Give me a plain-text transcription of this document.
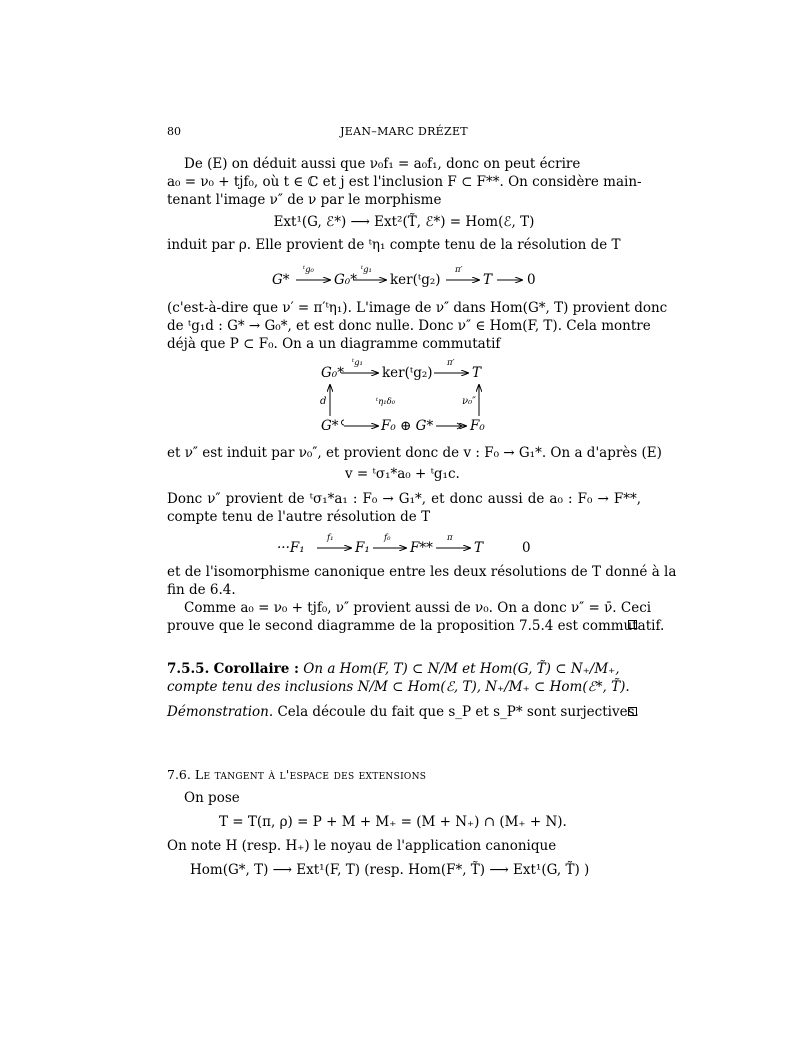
80	JEAN–MARC DRÉZET
De (E) on déduit aussi que ν₀f₁ = a₀f₁, donc on peut écrire
a₀ = ν₀ + tjf₀, où t ∈ ℂ et j est l'inclusion F ⊂ F**. On considère main-
tenant l'image ν″ de ν par le morphisme
Ext¹(G, ℰ*) ⟶ Ext²(T̃, ℰ*) = Hom(ℰ, T)
induit par ρ. Elle provient de ᵗη₁ compte tenu de la résolution de T
G*	G₀* ker(ᵗg₂)	T	0
ᵗg₀	ᵗg₁	π′
G₀*	ker(ᵗg₂)	T
G*	F₀ ⊕ G*	F₀
ᵗg₁	π′
d	ᵗη₁δ₀	ν₀″
···F₁	F₁	F**	T	0
f₁	f₀	π
(c'est-à-dire que ν′ = π′ᵗη₁). L'image de ν″ dans Hom(G*, T) provient donc
de ᵗg₁d : G* → G₀*, et est donc nulle. Donc ν″ ∈ Hom(F, T). Cela montre
déjà que P ⊂ F₀. On a un diagramme commutatif
et ν″ est induit par ν₀″, et provient donc de v : F₀ → G₁*. On a d'après (E)
v = ᵗσ₁*a₀ + ᵗg₁c.
Donc ν″ provient de ᵗσ₁*a₁ : F₀ → G₁*, et donc aussi de a₀ : F₀ → F**,
compte tenu de l'autre résolution de T
et de l'isomorphisme canonique entre les deux résolutions de T donné à la
fin de 6.4.
Comme a₀ = ν₀ + tjf₀, ν″ provient aussi de ν₀. On a donc ν″ = ν̄. Ceci
prouve que le second diagramme de la proposition 7.5.4 est commutatif.
7.5.5. Corollaire : On a Hom(F, T) ⊂ N/M et Hom(G, T̃) ⊂ N₊/M₊,
compte tenu des inclusions N/M ⊂ Hom(ℰ, T), N₊/M₊ ⊂ Hom(ℰ*, T̃).
Démonstration. Cela découle du fait que s_P et s_P* sont surjectives.
7.6. Le tangent à l'espace des extensions
On pose
T = T(π, ρ) = P + M + M₊ = (M + N₊) ∩ (M₊ + N).
On note H (resp. H₊) le noyau de l'application canonique
Hom(G*, T) ⟶ Ext¹(F, T) (resp. Hom(F*, T̃) ⟶ Ext¹(G, T̃) )
